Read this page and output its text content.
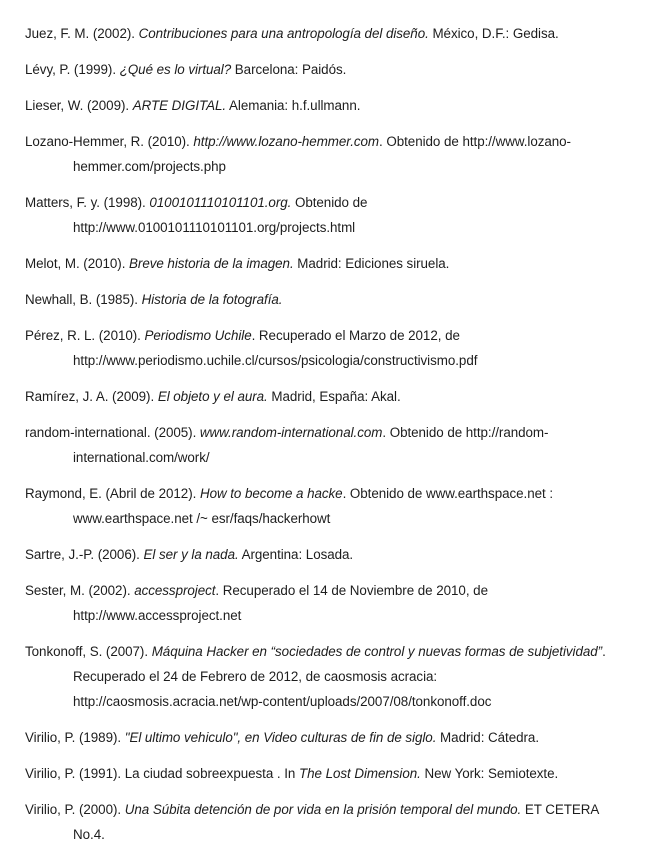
Juez, F. M. (2002). Contribuciones para una antropología del diseño. México, D.F.: Gedisa.
Lévy, P. (1999). ¿Qué es lo virtual? Barcelona: Paidós.
Lieser, W. (2009). ARTE DIGITAL. Alemania: h.f.ullmann.
Lozano-Hemmer, R. (2010). http://www.lozano-hemmer.com. Obtenido de http://www.lozano-
hemmer.com/projects.php
Matters, F. y. (1998). 0100101110101101.org. Obtenido de
http://www.0100101110101101.org/projects.html
Melot, M. (2010). Breve historia de la imagen. Madrid: Ediciones siruela.
Newhall, B. (1985). Historia de la fotografía.
Pérez, R. L. (2010). Periodismo Uchile. Recuperado el Marzo de 2012, de
http://www.periodismo.uchile.cl/cursos/psicologia/constructivismo.pdf
Ramírez, J. A. (2009). El objeto y el aura. Madrid, España: Akal.
random-international. (2005). www.random-international.com. Obtenido de http://random-
international.com/work/
Raymond, E. (Abril de 2012). How to become a hacke. Obtenido de www.earthspace.net :
www.earthspace.net /~ esr/faqs/hackerhowt
Sartre, J.-P. (2006). El ser y la nada. Argentina: Losada.
Sester, M. (2002). accessproject. Recuperado el 14 de Noviembre de 2010, de
http://www.accessproject.net
Tonkonoff, S. (2007). Máquina Hacker en “sociedades de control y nuevas formas de subjetividad”.
Recuperado el 24 de Febrero de 2012, de caosmosis acracia:
http://caosmosis.acracia.net/wp-content/uploads/2007/08/tonkonoff.doc
Virilio, P. (1989). "El ultimo vehiculo", en Video culturas de fin de siglo. Madrid: Cátedra.
Virilio, P. (1991). La ciudad sobreexpuesta . In The Lost Dimension. New York: Semiotexte.
Virilio, P. (2000). Una Súbita detención de por vida en la prisión temporal del mundo. ET CETERA
No.4.
